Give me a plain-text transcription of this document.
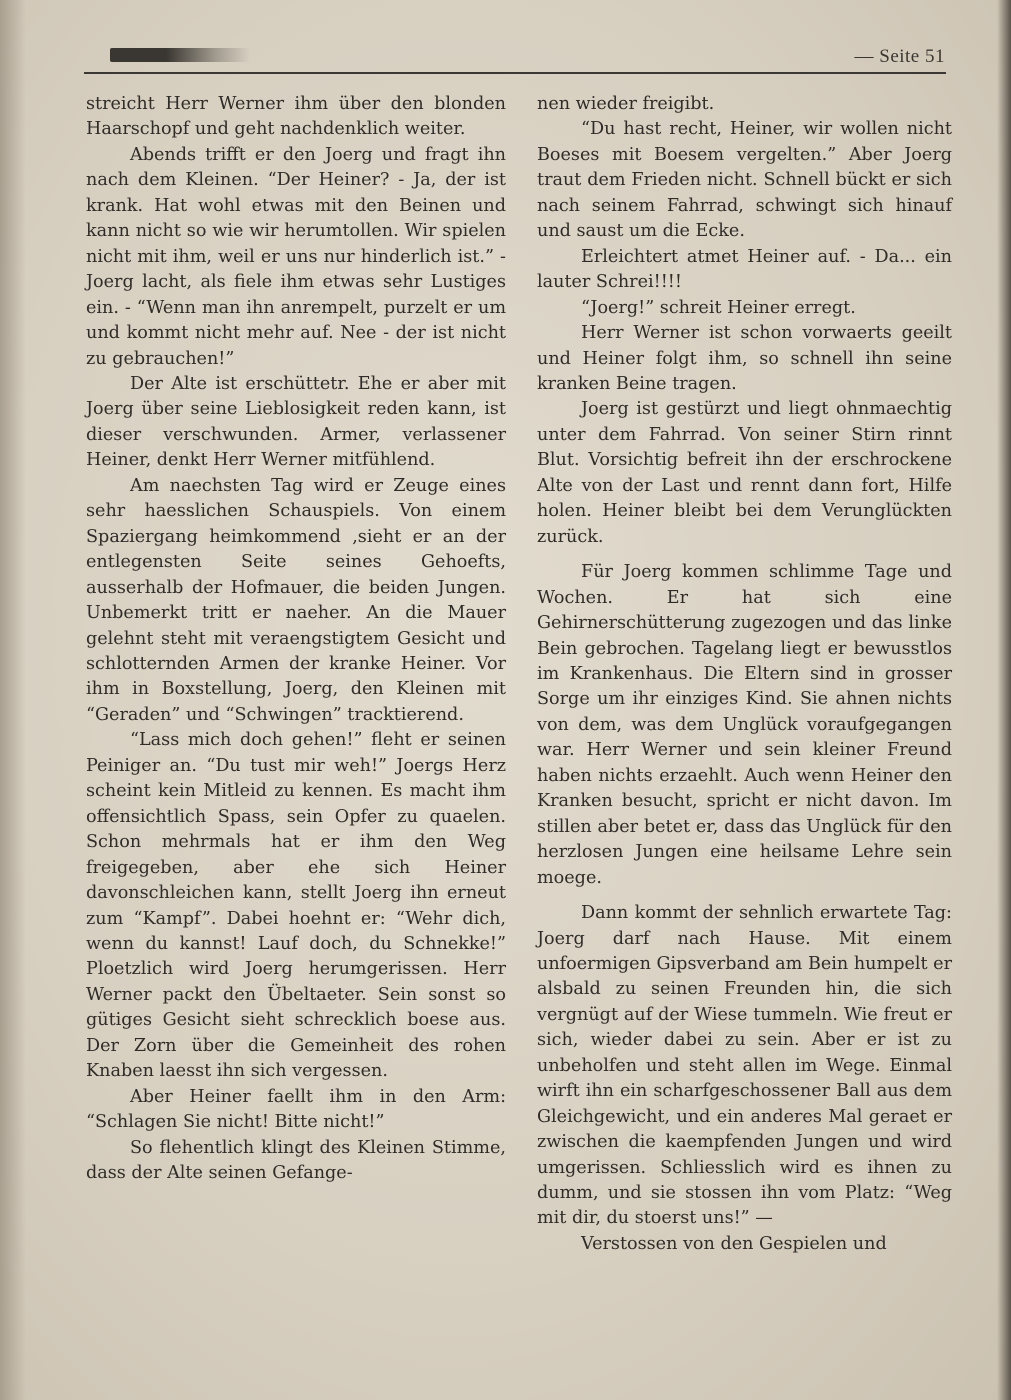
— Seite 51

streicht Herr Werner ihm über den blonden Haarschopf und geht nachdenklich weiter.

Abends trifft er den Joerg und fragt ihn nach dem Kleinen. “Der Heiner? - Ja, der ist krank. Hat wohl etwas mit den Beinen und kann nicht so wie wir herumtollen. Wir spielen nicht mit ihm, weil er uns nur hinderlich ist.” - Joerg lacht, als fiele ihm etwas sehr Lustiges ein. - “Wenn man ihn anrempelt, purzelt er um und kommt nicht mehr auf. Nee - der ist nicht zu gebrauchen!”

Der Alte ist erschüttetr. Ehe er aber mit Joerg über seine Lieblosigkeit reden kann, ist dieser verschwunden. Armer, verlassener Heiner, denkt Herr Werner mitfühlend.

Am naechsten Tag wird er Zeuge eines sehr haesslichen Schauspiels. Von einem Spaziergang heimkommend ,sieht er an der entlegensten Seite seines Gehoefts, ausserhalb der Hofmauer, die beiden Jungen. Unbemerkt tritt er naeher. An die Mauer gelehnt steht mit veraengstigtem Gesicht und schlotternden Armen der kranke Heiner. Vor ihm in Boxstellung, Joerg, den Kleinen mit “Geraden” und “Schwingen” tracktierend.

“Lass mich doch gehen!” fleht er seinen Peiniger an. “Du tust mir weh!” Joergs Herz scheint kein Mitleid zu kennen. Es macht ihm offensichtlich Spass, sein Opfer zu quaelen. Schon mehrmals hat er ihm den Weg freigegeben, aber ehe sich Heiner davonschleichen kann, stellt Joerg ihn erneut zum “Kampf”. Dabei hoehnt er: “Wehr dich, wenn du kannst! Lauf doch, du Schnekke!” Ploetzlich wird Joerg herumgerissen. Herr Werner packt den Übeltaeter. Sein sonst so gütiges Gesicht sieht schrecklich boese aus. Der Zorn über die Gemeinheit des rohen Knaben laesst ihn sich vergessen.

Aber Heiner faellt ihm in den Arm: “Schlagen Sie nicht! Bitte nicht!”

So flehentlich klingt des Kleinen Stimme, dass der Alte seinen Gefange-

nen wieder freigibt.

“Du hast recht, Heiner, wir wollen nicht Boeses mit Boesem vergelten.” Aber Joerg traut dem Frieden nicht. Schnell bückt er sich nach seinem Fahrrad, schwingt sich hinauf und saust um die Ecke.

Erleichtert atmet Heiner auf. - Da... ein lauter Schrei!!!!

“Joerg!” schreit Heiner erregt.

Herr Werner ist schon vorwaerts geeilt und Heiner folgt ihm, so schnell ihn seine kranken Beine tragen.

Joerg ist gestürzt und liegt ohnmaechtig unter dem Fahrrad. Von seiner Stirn rinnt Blut. Vorsichtig befreit ihn der erschrockene Alte von der Last und rennt dann fort, Hilfe holen. Heiner bleibt bei dem Verunglückten zurück.

Für Joerg kommen schlimme Tage und Wochen. Er hat sich eine Gehirnerschütterung zugezogen und das linke Bein gebrochen. Tagelang liegt er bewusstlos im Krankenhaus. Die Eltern sind in grosser Sorge um ihr einziges Kind. Sie ahnen nichts von dem, was dem Unglück voraufgegangen war. Herr Werner und sein kleiner Freund haben nichts erzaehlt. Auch wenn Heiner den Kranken besucht, spricht er nicht davon. Im stillen aber betet er, dass das Unglück für den herzlosen Jungen eine heilsame Lehre sein moege.

Dann kommt der sehnlich erwartete Tag: Joerg darf nach Hause. Mit einem unfoermigen Gipsverband am Bein humpelt er alsbald zu seinen Freunden hin, die sich vergnügt auf der Wiese tummeln. Wie freut er sich, wieder dabei zu sein. Aber er ist zu unbeholfen und steht allen im Wege. Einmal wirft ihn ein scharfgeschossener Ball aus dem Gleichgewicht, und ein anderes Mal geraet er zwischen die kaempfenden Jungen und wird umgerissen. Schliesslich wird es ihnen zu dumm, und sie stossen ihn vom Platz: “Weg mit dir, du stoerst uns!” —

Verstossen von den Gespielen und
